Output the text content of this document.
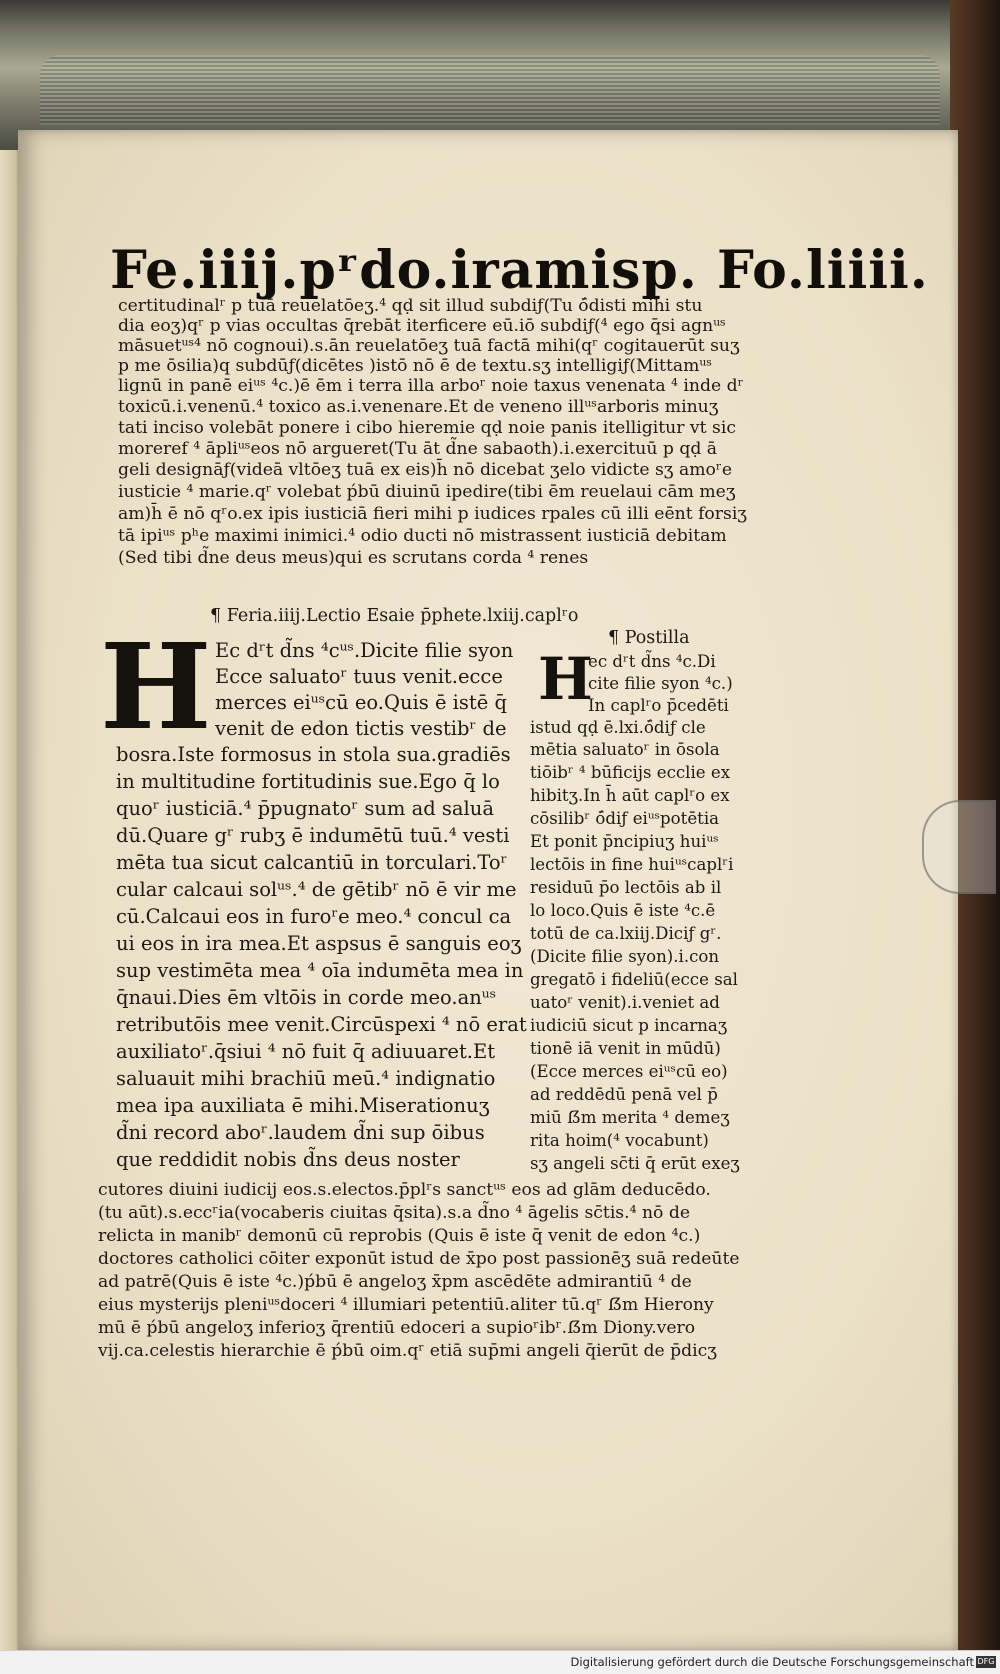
Fe.iiij.pʳdo.iramisp. Fo.liiii.
certitudinalʳ p tuā reuelatōeʒ.⁴ qḍ sit illud subdiƒ(Tu ó̄disti mihi stu
dia eoʒ)qʳ p vias occultas q̄rebāt iterficere eū.iō subdiƒ(⁴ ego q̄si agnᵘˢ
māsuetᵘˢ⁴ nō cognoui).s.ān reuelatōeʒ tuā factā mihi(qʳ cogitauerūt suʒ
p me ōsilia)q subdūƒ(dicētes )istō nō ē de textu.sʒ intelligiƒ(Mittamᵘˢ
lignū in panē eiᵘˢ ⁴c.)ē ēm i terra illa arboʳ noie taxus venenata ⁴ inde dʳ
toxicū.i.venenū.⁴ toxico as.i.venenare.Et de veneno illᵘˢarboris minuʒ
tati inciso volebāt ponere i cibo hieremie qḍ noie panis itelligitur vt sic
moreref ⁴ āpliᵘˢeos nō argueret(Tu āt d̃ne sabaoth).i.exercituū p qḍ ā
geli designāƒ(videā vltōeʒ tuā ex eis)h̄ nō dicebat ʒelo vidicte sʒ amoʳe
iusticie ⁴ marie.qʳ volebat ṕbū diuinū ipedire(tibi ēm reuelaui cām meʒ
am)h̄ ē nō qʳo.ex ipis iusticiā fieri mihi p iudices rpales cū illi eēnt forsiʒ
tā ipiᵘˢ pʰe maximi inimici.⁴ odio ducti nō mistrassent iusticiā debitam
(Sed tibi d̃ne deus meus)qui es scrutans corda ⁴ renes
¶ Feria.iiij.Lectio Esaie p̄phete.lxiij.caplʳo
H Ec dʳt d̃ns ⁴cᵘˢ.Dicite filie syon
Ecce saluatoʳ tuus venit.ecce
merces eiᵘˢcū eo.Quis ē istē q̄
venit de edon tictis vestibʳ de
bosra.Iste formosus in stola sua.gradiēs
in multitudine fortitudinis sue.Ego q̄ lo
quoʳ iusticiā.⁴ p̄pugnatoʳ sum ad saluā
dū.Quare gʳ rubʒ ē indumētū tuū.⁴ vesti
mēta tua sicut calcantiū in torculari.Toʳ
cular calcaui solᵘˢ.⁴ de gētibʳ nō ē vir me
cū.Calcaui eos in furoʳe meo.⁴ concul ca
ui eos in ira mea.Et aspsus ē sanguis eoʒ
sup vestimēta mea ⁴ oīa indumēta mea in
q̄naui.Dies ēm vltōis in corde meo.anᵘˢ
retributōis mee venit.Circūspexi ⁴ nō erat
auxiliatoʳ.q̄siui ⁴ nō fuit q̄ adiuuaret.Et
saluauit mihi brachiū meū.⁴ indignatio
mea ipa auxiliata ē mihi.Miserationuʒ
d̃ni record aboʳ.laudem d̃ni sup ōibus
que reddidit nobis d̃ns deus noster
¶ Postilla
H
ec dʳt d̃ns ⁴c.Di
cite filie syon ⁴c.)
In caplʳo p̄cedēti
istud qḍ ē.lxi.ó̄diƒ cle
mētia saluatoʳ in ōsola
tiōibʳ ⁴ būficijs ecclie ex
hibitʒ.In h̄ aūt caplʳo ex
cōsilibʳ ó̄diƒ eiᵘˢpotētia
Et ponit p̄ncipiuʒ huiᵘˢ
lectōis in fine huiᵘˢcaplʳi
residuū p̄o lectōis ab il
lo loco.Quis ē iste ⁴c.ē
totū de ca.lxiij.Diciƒ gʳ.
(Dicite filie syon).i.con
gregatō i fideliū(ecce sal
uatoʳ venit).i.veniet ad
iudiciū sicut p incarnaʒ
tionē iā venit in mūdū)
(Ecce merces eiᵘˢcū eo)
ad reddēdū penā vel p̄
miū ẞm merita ⁴ demeʒ
rita hoim(⁴ vocabunt)
sʒ angeli sc̄ti q̄ erūt exeʒ
cutores diuini iudicij eos.s.electos.p̄plʳs sanctᵘˢ eos ad glām deducēdo.
(tu aūt).s.eccʳia(vocaberis ciuitas q̄sita).s.a d̃no ⁴ āgelis sc̄tis.⁴ nō de
relicta in manibʳ demonū cū reprobis (Quis ē iste q̄ venit de edon ⁴c.)
doctores catholici cōiter exponūt istud de x̄po post passionēʒ suā redeūte
ad patrē(Quis ē iste ⁴c.)ṕbū ē angeloʒ x̄pm ascēdēte admirantiū ⁴ de
eius mysterijs pleniᵘˢdoceri ⁴ illumiari petentiū.aliter tū.qʳ ẞm Hierony
mū ē ṕbū angeloʒ inferioʒ q̄rentiū edoceri a supioʳibʳ.ẞm Diony.vero
vij.ca.celestis hierarchie ē ṕbū oim.qʳ etiā sup̄mi angeli q̄ierūt de p̄dicʒ
Digitalisierung gefördert durch die Deutsche Forschungsgemeinschaft DFG
